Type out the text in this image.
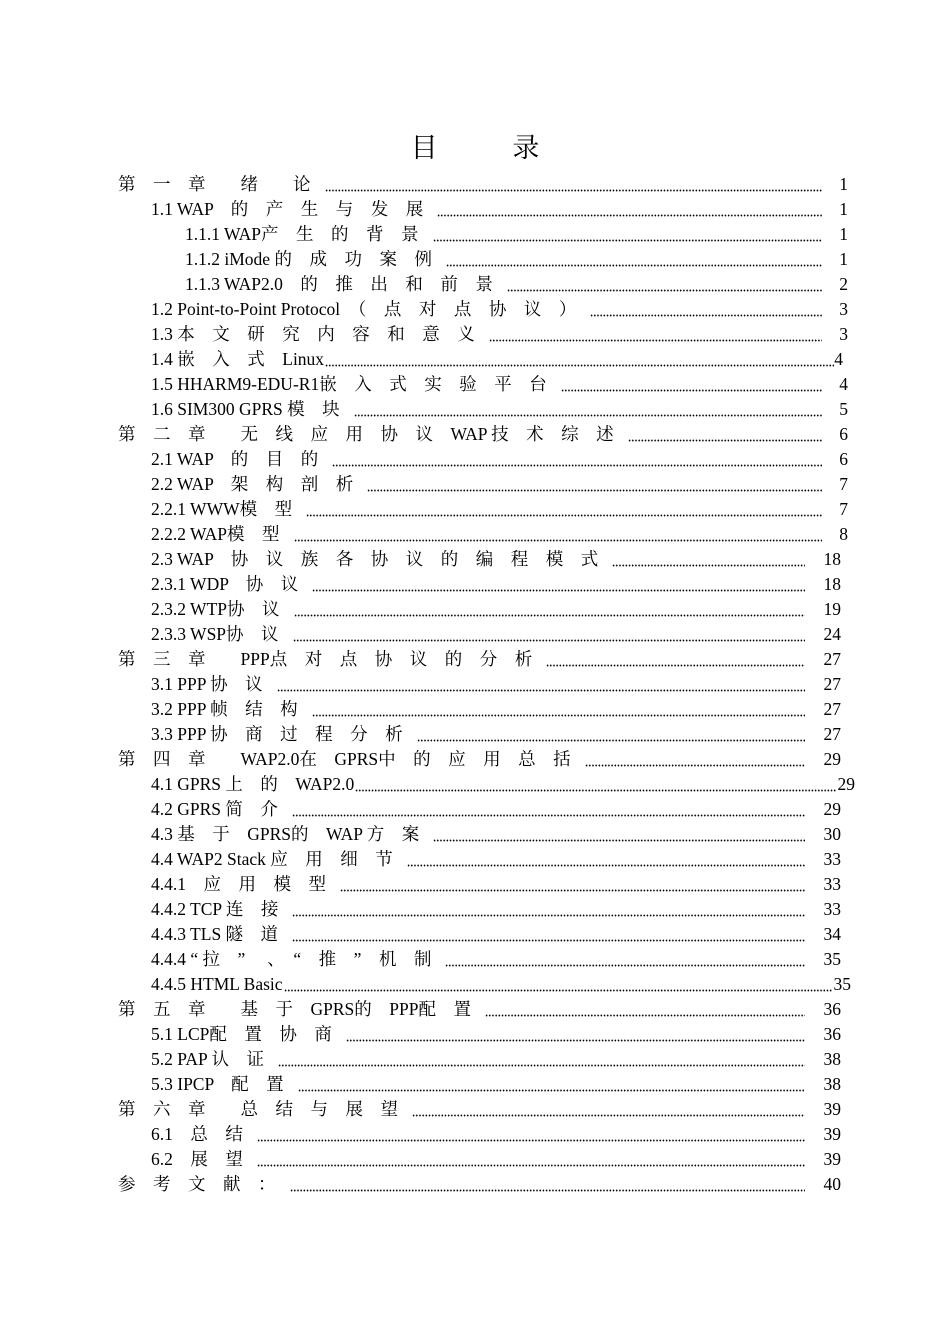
目 录
第　一　章　　绪　　论	1
1.1 WAP　的　产　生　与　发　展	1
1.1.1 WAP产　生　的　背　景	1
1.1.2 iMode 的　成　功　案　例	1
1.1.3 WAP2.0　的　推　出　和　前　景	2
1.2 Point-to-Point Protocol　（　点　对　点　协　议　）	3
1.3 本　文　研　究　内　容　和　意　义	3
1.4 嵌　入　式　Linux	4
1.5 HHARM9-EDU-R1嵌　入　式　实　验　平　台	4
1.6 SIM300 GPRS 模　块	5
第　二　章　　无　线　应　用　协　议　WAP 技　术　综　述	6
2.1 WAP　的　目　的	6
2.2 WAP　架　构　剖　析	7
2.2.1 WWW模　型	7
2.2.2 WAP模　型	8
2.3 WAP　协　议　族　各　协　议　的　编　程　模　式	18
2.3.1 WDP　协　议	18
2.3.2 WTP协　议	19
2.3.3 WSP协　议	24
第　三　章　　PPP点　对　点　协　议　的　分　析	27
3.1 PPP 协　议	27
3.2 PPP 帧　结　构	27
3.3 PPP 协　商　过　程　分　析	27
第　四　章　　WAP2.0在　GPRS中　的　应　用　总　括	29
4.1 GPRS 上　的　WAP2.0	29
4.2 GPRS 简　介	29
4.3 基　于　GPRS的　WAP 方　案	30
4.4 WAP2 Stack 应　用　细　节	33
4.4.1　应　用　模　型	33
4.4.2 TCP 连　接	33
4.4.3 TLS 隧　道	34
4.4.4 “ 拉　” 　、　“　推　”　机　制	35
4.4.5 HTML Basic	35
第　五　章　　基　于　GPRS的　PPP配　置	36
5.1 LCP配　置　协　商	36
5.2 PAP 认　证	38
5.3 IPCP　配　置	38
第　六　章　　总　结　与　展　望	39
6.1　总　结	39
6.2　展　望	39
参　考　文　献　：	40
